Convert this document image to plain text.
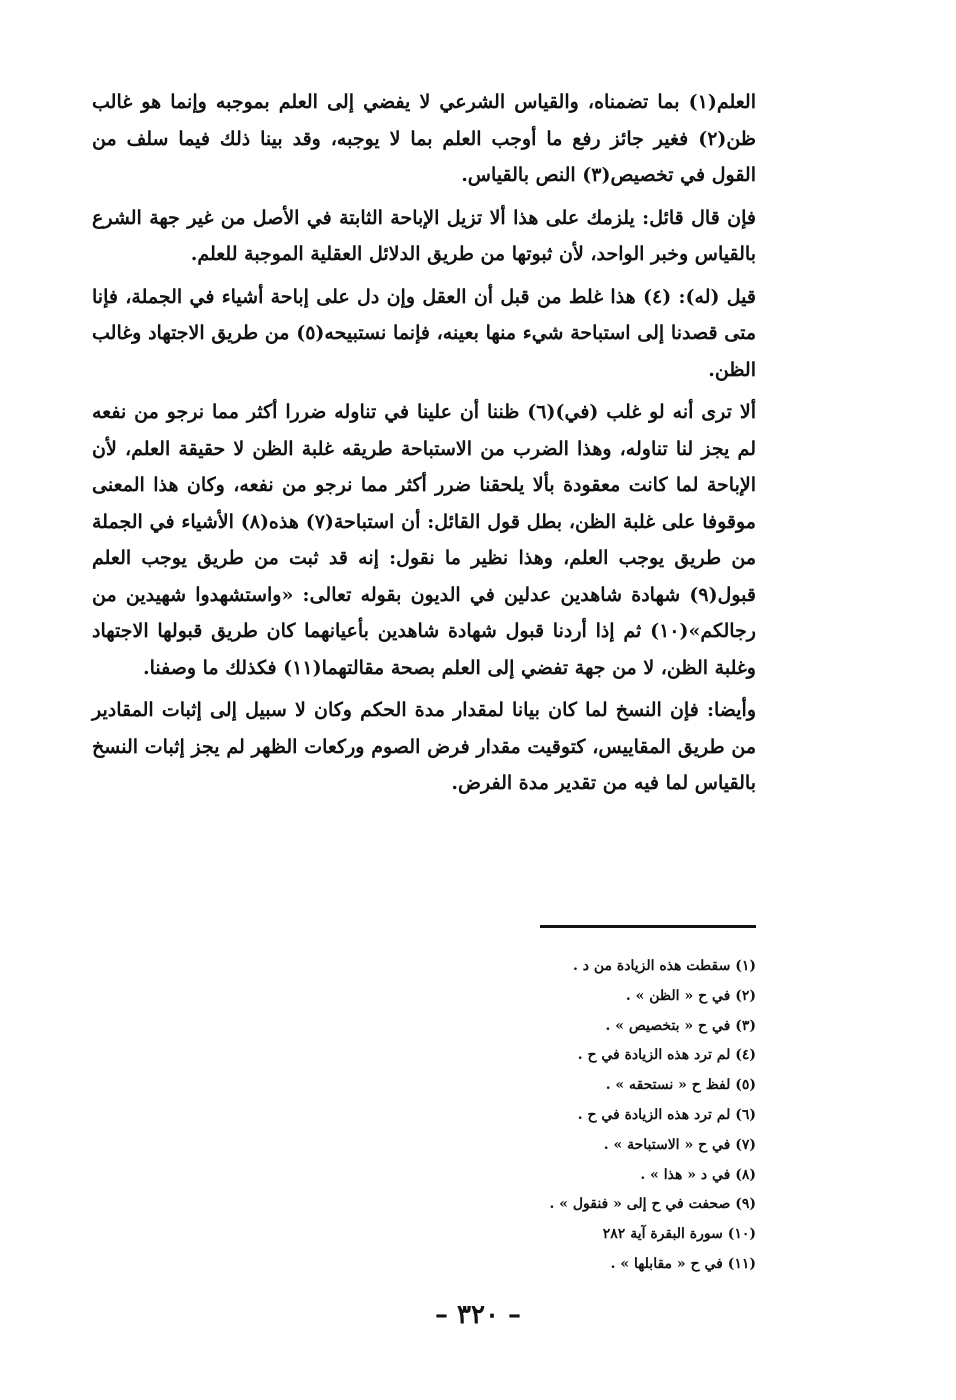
العلم(١) بما تضمناه، والقياس الشرعي لا يفضي إلى العلم بموجبه وإنما هو غالب ظن(٢) فغير جائز رفع ما أوجب العلم بما لا يوجبه، وقد بينا ذلك فيما سلف من القول في تخصيص(٣) النص بالقياس.

فإن قال قائل: يلزمك على هذا ألا تزيل الإباحة الثابتة في الأصل من غير جهة الشرع بالقياس وخبر الواحد، لأن ثبوتها من طريق الدلائل العقلية الموجبة للعلم.

قيل (له): (٤) هذا غلط من قبل أن العقل وإن دل على إباحة أشياء في الجملة، فإنا متى قصدنا إلى استباحة شيء منها بعينه، فإنما نستبيحه(٥) من طريق الاجتهاد وغالب الظن.

ألا ترى أنه لو غلب (في)(٦) ظننا أن علينا في تناوله ضررا أكثر مما نرجو من نفعه لم يجز لنا تناوله، وهذا الضرب من الاستباحة طريقه غلبة الظن لا حقيقة العلم، لأن الإباحة لما كانت معقودة بألا يلحقنا ضرر أكثر مما نرجو من نفعه، وكان هذا المعنى موقوفا على غلبة الظن، بطل قول القائل: أن استباحة(٧) هذه(٨) الأشياء في الجملة من طريق يوجب العلم، وهذا نظير ما نقول: إنه قد ثبت من طريق يوجب العلم قبول(٩) شهادة شاهدين عدلين في الديون بقوله تعالى: «واستشهدوا شهيدين من رجالكم»(١٠) ثم إذا أردنا قبول شهادة شاهدين بأعيانهما كان طريق قبولها الاجتهاد وغلبة الظن، لا من جهة تفضي إلى العلم بصحة مقالتهما(١١) فكذلك ما وصفنا.

وأيضا: فإن النسخ لما كان بيانا لمقدار مدة الحكم وكان لا سبيل إلى إثبات المقادير من طريق المقاييس، كتوقيت مقدار فرض الصوم وركعات الظهر لم يجز إثبات النسخ بالقياس لما فيه من تقدير مدة الفرض.

(١) سقطت هذه الزيادة من د .
(٢) في ح « الظن » .
(٣) في ح « بتخصيص » .
(٤) لم ترد هذه الزيادة في ح .
(٥) لفظ ح « نستحقه » .
(٦) لم ترد هذه الزيادة في ح .
(٧) في ح « الاستباحة » .
(٨) في د « هذا » .
(٩) صحفت في ح إلى « فنقول » .
(١٠) سورة البقرة آية ٢٨٢
(١١) في ح « مقابلها » .
– ٣٢٠ –
